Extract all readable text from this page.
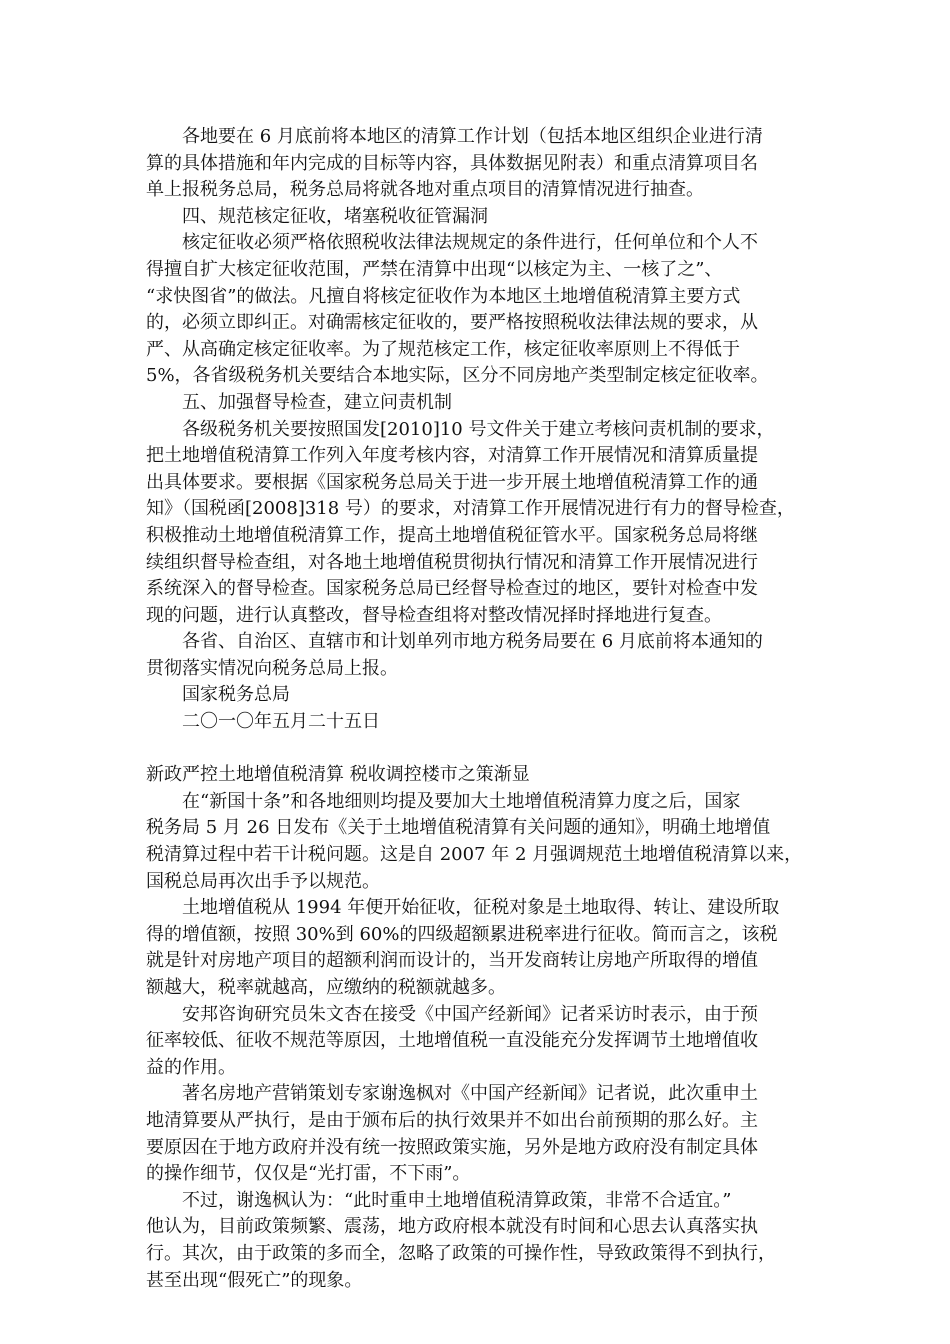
各地要在 6 月底前将本地区的清算工作计划（包括本地区组织企业进行清
算的具体措施和年内完成的目标等内容，具体数据见附表）和重点清算项目名
单上报税务总局，税务总局将就各地对重点项目的清算情况进行抽查。
四、规范核定征收，堵塞税收征管漏洞
核定征收必须严格依照税收法律法规规定的条件进行，任何单位和个人不
得擅自扩大核定征收范围，严禁在清算中出现“以核定为主、一核了之”、
“求快图省”的做法。凡擅自将核定征收作为本地区土地增值税清算主要方式
的，必须立即纠正。对确需核定征收的，要严格按照税收法律法规的要求，从
严、从高确定核定征收率。为了规范核定工作，核定征收率原则上不得低于
5%，各省级税务机关要结合本地实际，区分不同房地产类型制定核定征收率。
五、加强督导检查，建立问责机制
各级税务机关要按照国发[2010]10 号文件关于建立考核问责机制的要求，
把土地增值税清算工作列入年度考核内容，对清算工作开展情况和清算质量提
出具体要求。要根据《国家税务总局关于进一步开展土地增值税清算工作的通
知》（国税函[2008]318 号）的要求，对清算工作开展情况进行有力的督导检查，
积极推动土地增值税清算工作，提高土地增值税征管水平。国家税务总局将继
续组织督导检查组，对各地土地增值税贯彻执行情况和清算工作开展情况进行
系统深入的督导检查。国家税务总局已经督导检查过的地区，要针对检查中发
现的问题，进行认真整改，督导检查组将对整改情况择时择地进行复查。
各省、自治区、直辖市和计划单列市地方税务局要在 6 月底前将本通知的
贯彻落实情况向税务总局上报。
国家税务总局
二〇一〇年五月二十五日
新政严控土地增值税清算 税收调控楼市之策渐显
在“新国十条”和各地细则均提及要加大土地增值税清算力度之后，国家
税务局 5 月 26 日发布《关于土地增值税清算有关问题的通知》，明确土地增值
税清算过程中若干计税问题。这是自 2007 年 2 月强调规范土地增值税清算以来，
国税总局再次出手予以规范。
土地增值税从 1994 年便开始征收，征税对象是土地取得、转让、建设所取
得的增值额，按照 30%到 60%的四级超额累进税率进行征收。简而言之，该税
就是针对房地产项目的超额利润而设计的，当开发商转让房地产所取得的增值
额越大，税率就越高，应缴纳的税额就越多。
安邦咨询研究员朱文杏在接受《中国产经新闻》记者采访时表示，由于预
征率较低、征收不规范等原因，土地增值税一直没能充分发挥调节土地增值收
益的作用。
著名房地产营销策划专家谢逸枫对《中国产经新闻》记者说，此次重申土
地清算要从严执行，是由于颁布后的执行效果并不如出台前预期的那么好。主
要原因在于地方政府并没有统一按照政策实施，另外是地方政府没有制定具体
的操作细节，仅仅是“光打雷，不下雨”。
不过，谢逸枫认为：“此时重申土地增值税清算政策，非常不合适宜。”
他认为，目前政策频繁、震荡，地方政府根本就没有时间和心思去认真落实执
行。其次，由于政策的多而全，忽略了政策的可操作性，导致政策得不到执行，
甚至出现“假死亡”的现象。
